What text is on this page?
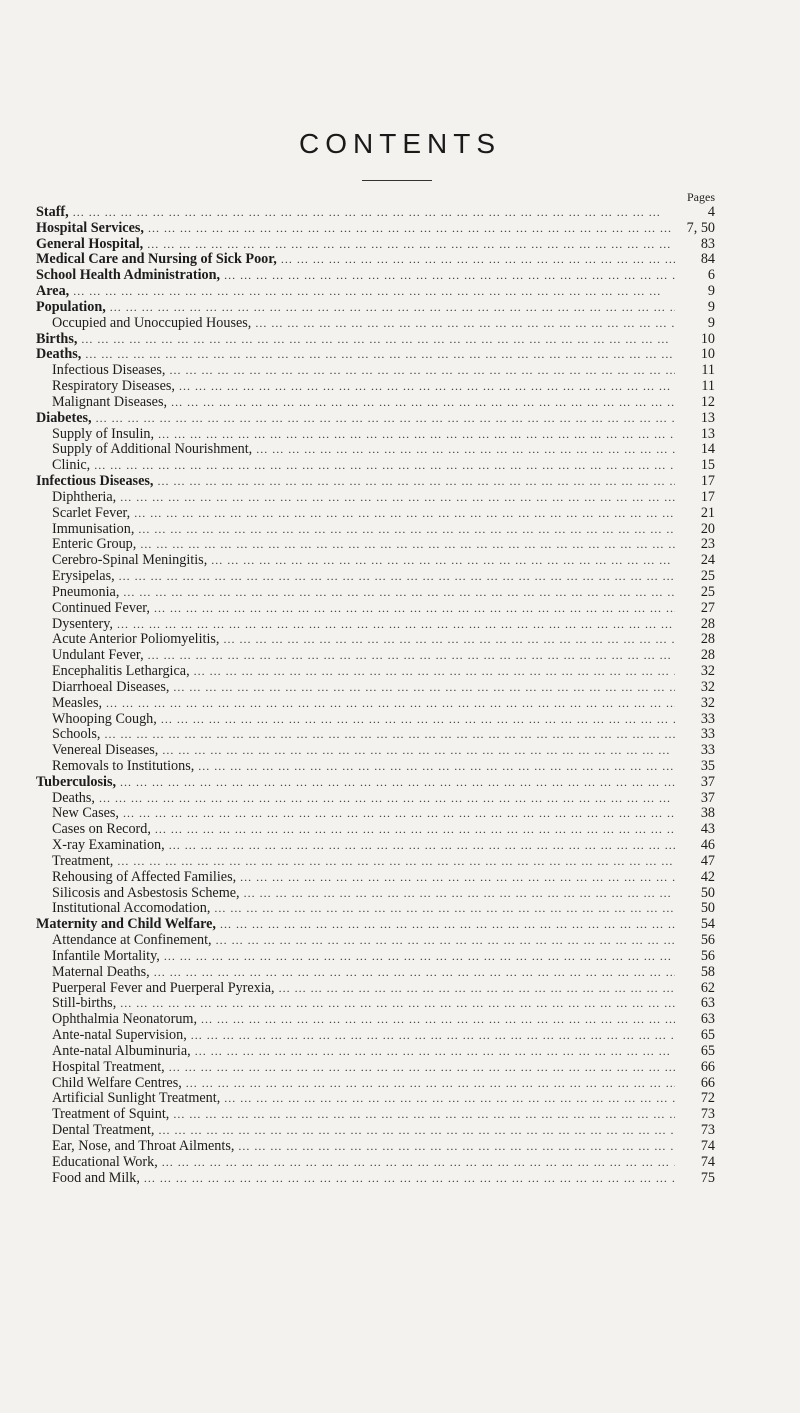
CONTENTS
Pages
Staff, ... .	4
Hospital Services, ... .	7, 50
General Hospital, ... .	83
Medical Care and Nursing of Sick Poor, ... .	84
School Health Administration, ... .	6
Area, ... .	9
Population, ... .	9
Occupied and Unoccupied Houses, ... .	9
Births, ... .	10
Deaths, ... .	10
Infectious Diseases, ... .	11
Respiratory Diseases, ... .	11
Malignant Diseases, ... .	12
Diabetes, ... .	13
Supply of Insulin, ... .	13
Supply of Additional Nourishment, ... .	14
Clinic, ... .	15
Infectious Diseases, ... .	17
Diphtheria, ... .	17
Scarlet Fever, ... .	21
Immunisation, ... .	20
Enteric Group, ... .	23
Cerebro-Spinal Meningitis, ... .	24
Erysipelas, ... .	25
Pneumonia, ... .	25
Continued Fever, ... .	27
Dysentery, ... .	28
Acute Anterior Poliomyelitis, ... .	28
Undulant Fever, ... .	28
Encephalitis Lethargica, ... .	32
Diarrhoeal Diseases, ... .	32
Measles, ... .	32
Whooping Cough, ... .	33
Schools, ... .	33
Venereal Diseases, ... .	33
Removals to Institutions, ... .	35
Tuberculosis, ... .	37
Deaths, ... .	37
New Cases, ... .	38
Cases on Record, ... .	43
X-ray Examination, ... .	46
Treatment, ... .	47
Rehousing of Affected Families, ... .	42
Silicosis and Asbestosis Scheme, ... .	50
Institutional Accomodation, ... .	50
Maternity and Child Welfare, ... .	54
Attendance at Confinement, ... .	56
Infantile Mortality, ... .	56
Maternal Deaths, ... .	58
Puerperal Fever and Puerperal Pyrexia, ... .	62
Still-births, ... .	63
Ophthalmia Neonatorum, ... .	63
Ante-natal Supervision, ... .	65
Ante-natal Albuminuria, ... .	65
Hospital Treatment, ... .	66
Child Welfare Centres, ... .	66
Artificial Sunlight Treatment, ... .	72
Treatment of Squint, ... .	73
Dental Treatment, ... .	73
Ear, Nose, and Throat Ailments, ... .	74
Educational Work, ... .	74
Food and Milk, ... .	75
